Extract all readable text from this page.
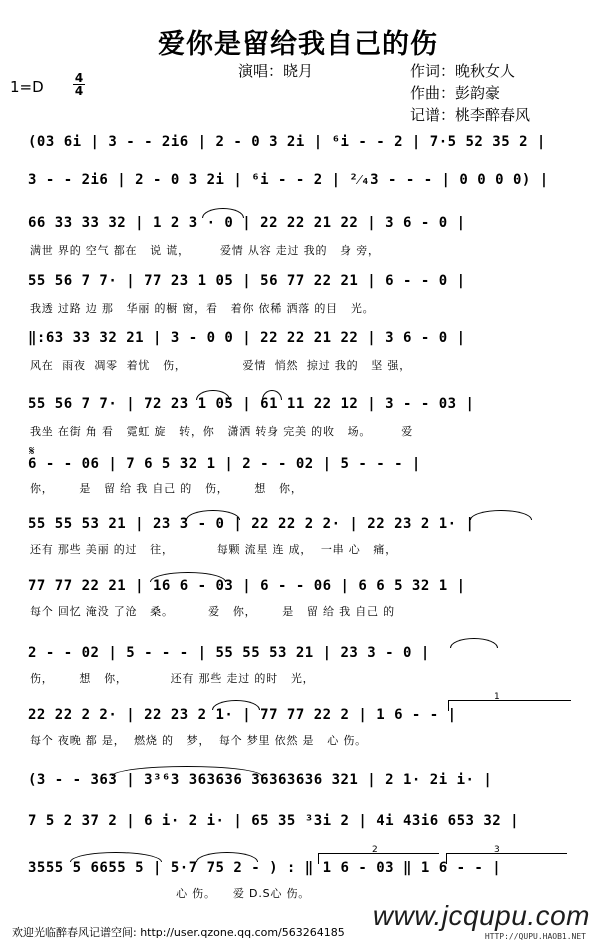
爱你是留给我自己的伤
演唱：晓月	作词：晚秋女人
作曲：彭韵豪
记谱：桃李醉春风
1=D	4
4
(03 6i | 3 - - 2i6 | 2 - 0 3 2i | ⁶i - - 2 | 7·5 52 35 2 |
3 - - 2i6 | 2 - 0 3 2i | ⁶i - - 2 | ²⁄₄3 - - - | 0 0 0 0) |
66 33 33 32 | 1 2 3 · 0 | 22 22 21 22 | 3 6 - 0 |
满世 界的 空气 都在   说 谎，       爱情 从容 走过 我的   身 旁，
55 56 7 7· | 77 23 1 05 | 56 77 22 21 | 6 - - 0 |
我透 过路 边 那   华丽 的橱 窗，看   着你 依稀 洒落 的目   光。
‖:63 33 32 21 | 3 - 0 0 | 22 22 21 22 | 3 6 - 0 |
风在  雨夜  凋零  着忧   伤，             爱情  悄然  掠过 我的   坚 强，
55 56 7 7· | 72 23 1 05 | 61 11 22 12 | 3 - - 03 |
我坐 在街 角 看   霓虹 旋   转，你   潇洒 转身 完美 的收   场。       爱
𝄋
6 - - 06 | 7 6 5 32 1 | 2 - - 02 | 5 - - - |
你，      是   留 给 我 自己 的   伤，      想   你，
55 55 53 21 | 23 3 - 0 | 22 22 2 2· | 22 23 2 1· |
还有 那些 美丽 的过   往，          每颗 流星 连 成，  一串 心   痛，
77 77 22 21 | 16 6 - 03 | 6 - - 06 | 6 6 5 32 1 |
每个 回忆 淹没 了沧   桑。        爱   你，      是   留 给 我 自己 的
2 - - 02 | 5 - - - | 55 55 53 21 | 23 3 - 0 |
伤，      想   你，          还有 那些 走过 的时   光，
22 22 2 2· | 22 23 2 1· | 77 77 22 2 | 1 6 - - |
每个 夜晚 都 是，  燃烧 的   梦，  每个 梦里 依然 是   心 伤。
(3 - - 363 | 3³⁶3 363636 36363636 321 | 2 1· 2i i· |
7 5 2 37 2 | 6 i· 2 i· | 65 35 ³3i 2 | 4i 43i6 653 32 |
3555 5 6655 5 | 5·7 75 2 - ) : ‖ 1 6 - 03 ‖ 1 6 - - |
心 伤。    爱 D.S心 伤。
1
2	3
欢迎光临醉春风记谱空间: http://user.qzone.qq.com/563264185
www.jcqupu.com
HTTP://QUPU.HAOB1.NET
